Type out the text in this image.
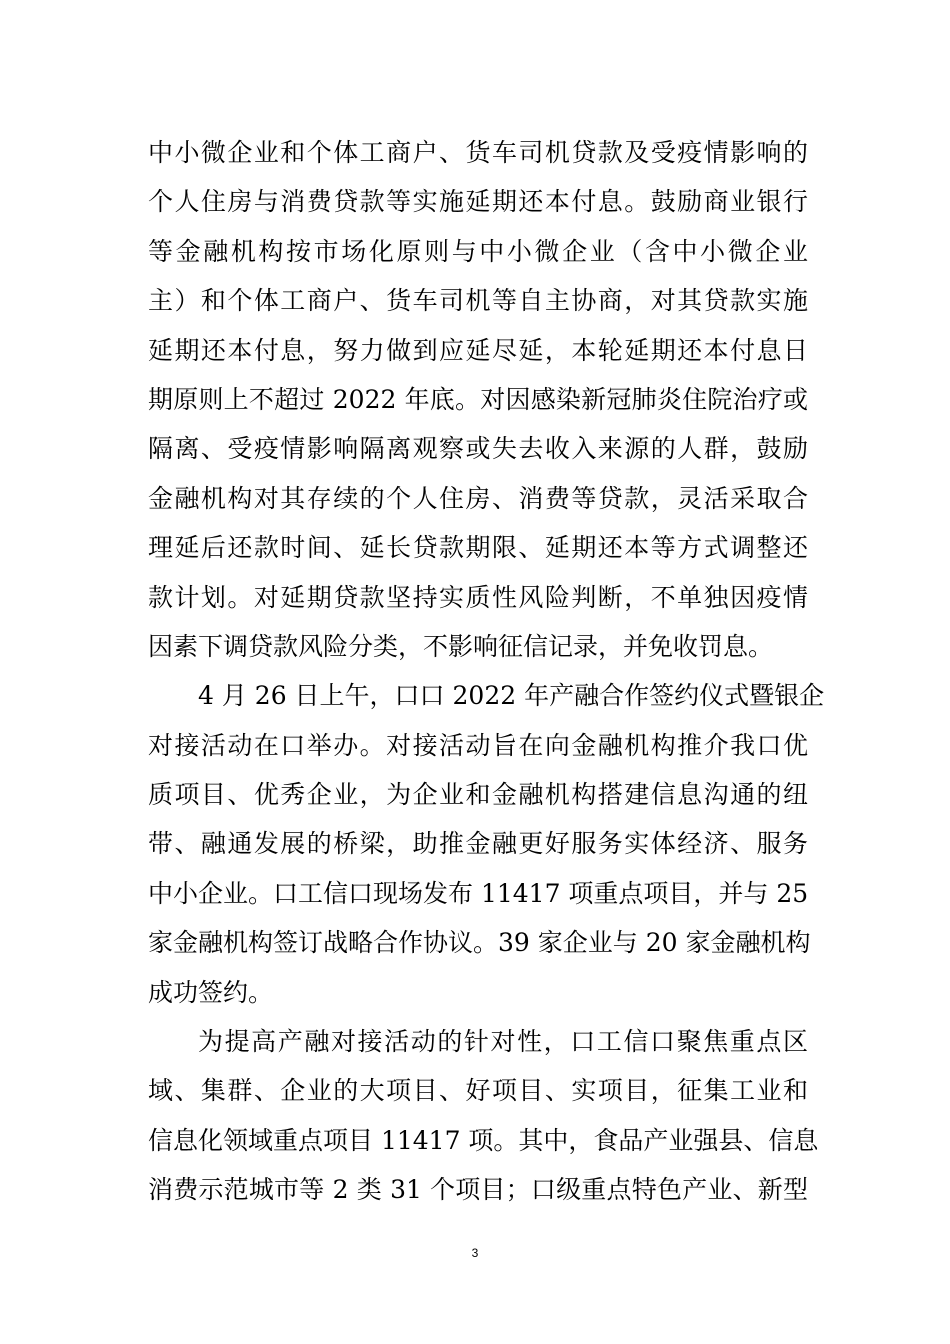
中小微企业和个体工商户、货车司机贷款及受疫情影响的
个人住房与消费贷款等实施延期还本付息。鼓励商业银行
等金融机构按市场化原则与中小微企业（含中小微企业
主）和个体工商户、货车司机等自主协商，对其贷款实施
延期还本付息，努力做到应延尽延，本轮延期还本付息日
期原则上不超过 2022 年底。对因感染新冠肺炎住院治疗或
隔离、受疫情影响隔离观察或失去收入来源的人群，鼓励
金融机构对其存续的个人住房、消费等贷款，灵活采取合
理延后还款时间、延长贷款期限、延期还本等方式调整还
款计划。对延期贷款坚持实质性风险判断，不单独因疫情
因素下调贷款风险分类，不影响征信记录，并免收罚息。
4 月 26 日上午，口口 2022 年产融合作签约仪式暨银企
对接活动在口举办。对接活动旨在向金融机构推介我口优
质项目、优秀企业，为企业和金融机构搭建信息沟通的纽
带、融通发展的桥梁，助推金融更好服务实体经济、服务
中小企业。口工信口现场发布 11417 项重点项目，并与 25
家金融机构签订战略合作协议。39 家企业与 20 家金融机构
成功签约。
为提高产融对接活动的针对性，口工信口聚焦重点区
域、集群、企业的大项目、好项目、实项目，征集工业和
信息化领域重点项目 11417 项。其中，食品产业强县、信息
消费示范城市等 2 类 31 个项目；口级重点特色产业、新型
3
